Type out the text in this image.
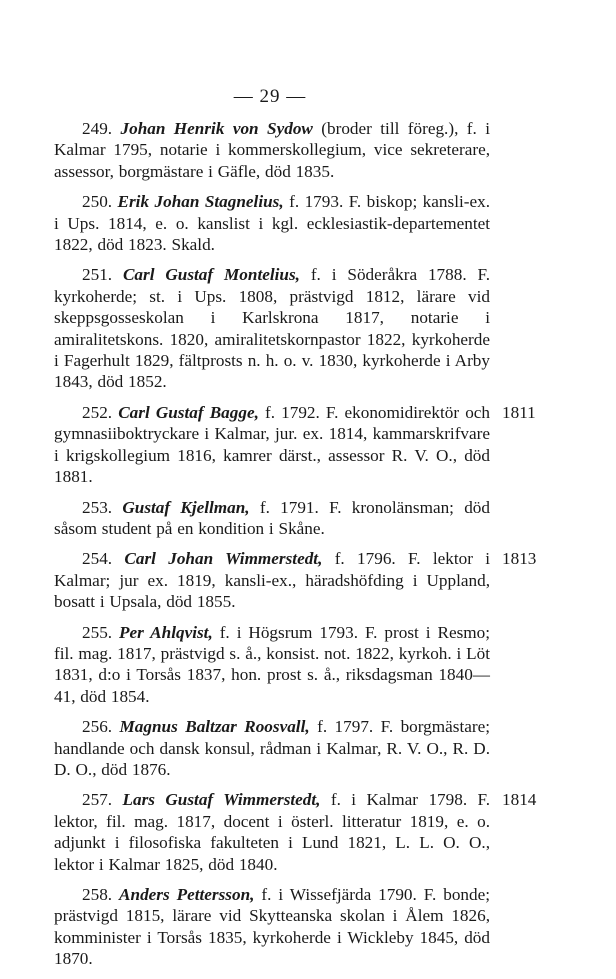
— 29 —

249. Johan Henrik von Sydow (broder till föreg.), f. i Kalmar 1795, notarie i kommerskollegium, vice sekreterare, assessor, borgmästare i Gäfle, död 1835.

250. Erik Johan Stagnelius, f. 1793. F. biskop; kansli-ex. i Ups. 1814, e. o. kanslist i kgl. ecklesiastik-departementet 1822, död 1823. Skald.

251. Carl Gustaf Montelius, f. i Söderåkra 1788. F. kyrkoherde; st. i Ups. 1808, prästvigd 1812, lärare vid skeppsgosseskolan i Karlskrona 1817, notarie i amiralitetskons. 1820, amiralitetskornpastor 1822, kyrkoherde i Fagerhult 1829, fältprosts n. h. o. v. 1830, kyrkoherde i Arby 1843, död 1852.

252. Carl Gustaf Bagge, f. 1792. F. ekonomidirektör och gymnasiiboktryckare i Kalmar, jur. ex. 1814, kammarskrifvare i krigskollegium 1816, kamrer därst., assessor R. V. O., död 1881.
1811

253. Gustaf Kjellman, f. 1791. F. kronolänsman; död såsom student på en kondition i Skåne.

254. Carl Johan Wimmerstedt, f. 1796. F. lektor i Kalmar; jur ex. 1819, kansli-ex., häradshöfding i Uppland, bosatt i Upsala, död 1855.
1813

255. Per Ahlqvist, f. i Högsrum 1793. F. prost i Resmo; fil. mag. 1817, prästvigd s. å., konsist. not. 1822, kyrkoh. i Löt 1831, d:o i Torsås 1837, hon. prost s. å., riksdagsman 1840—41, död 1854.

256. Magnus Baltzar Roosvall, f. 1797. F. borgmästare; handlande och dansk konsul, rådman i Kalmar, R. V. O., R. D. D. O., död 1876.

257. Lars Gustaf Wimmerstedt, f. i Kalmar 1798. F. lektor, fil. mag. 1817, docent i österl. litteratur 1819, e. o. adjunkt i filosofiska fakulteten i Lund 1821, L. L. O. O., lektor i Kalmar 1825, död 1840.
1814

258. Anders Pettersson, f. i Wissefjärda 1790. F. bonde; prästvigd 1815, lärare vid Skytteanska skolan i Ålem 1826, komminister i Torsås 1835, kyrkoherde i Wickleby 1845, död 1870.
